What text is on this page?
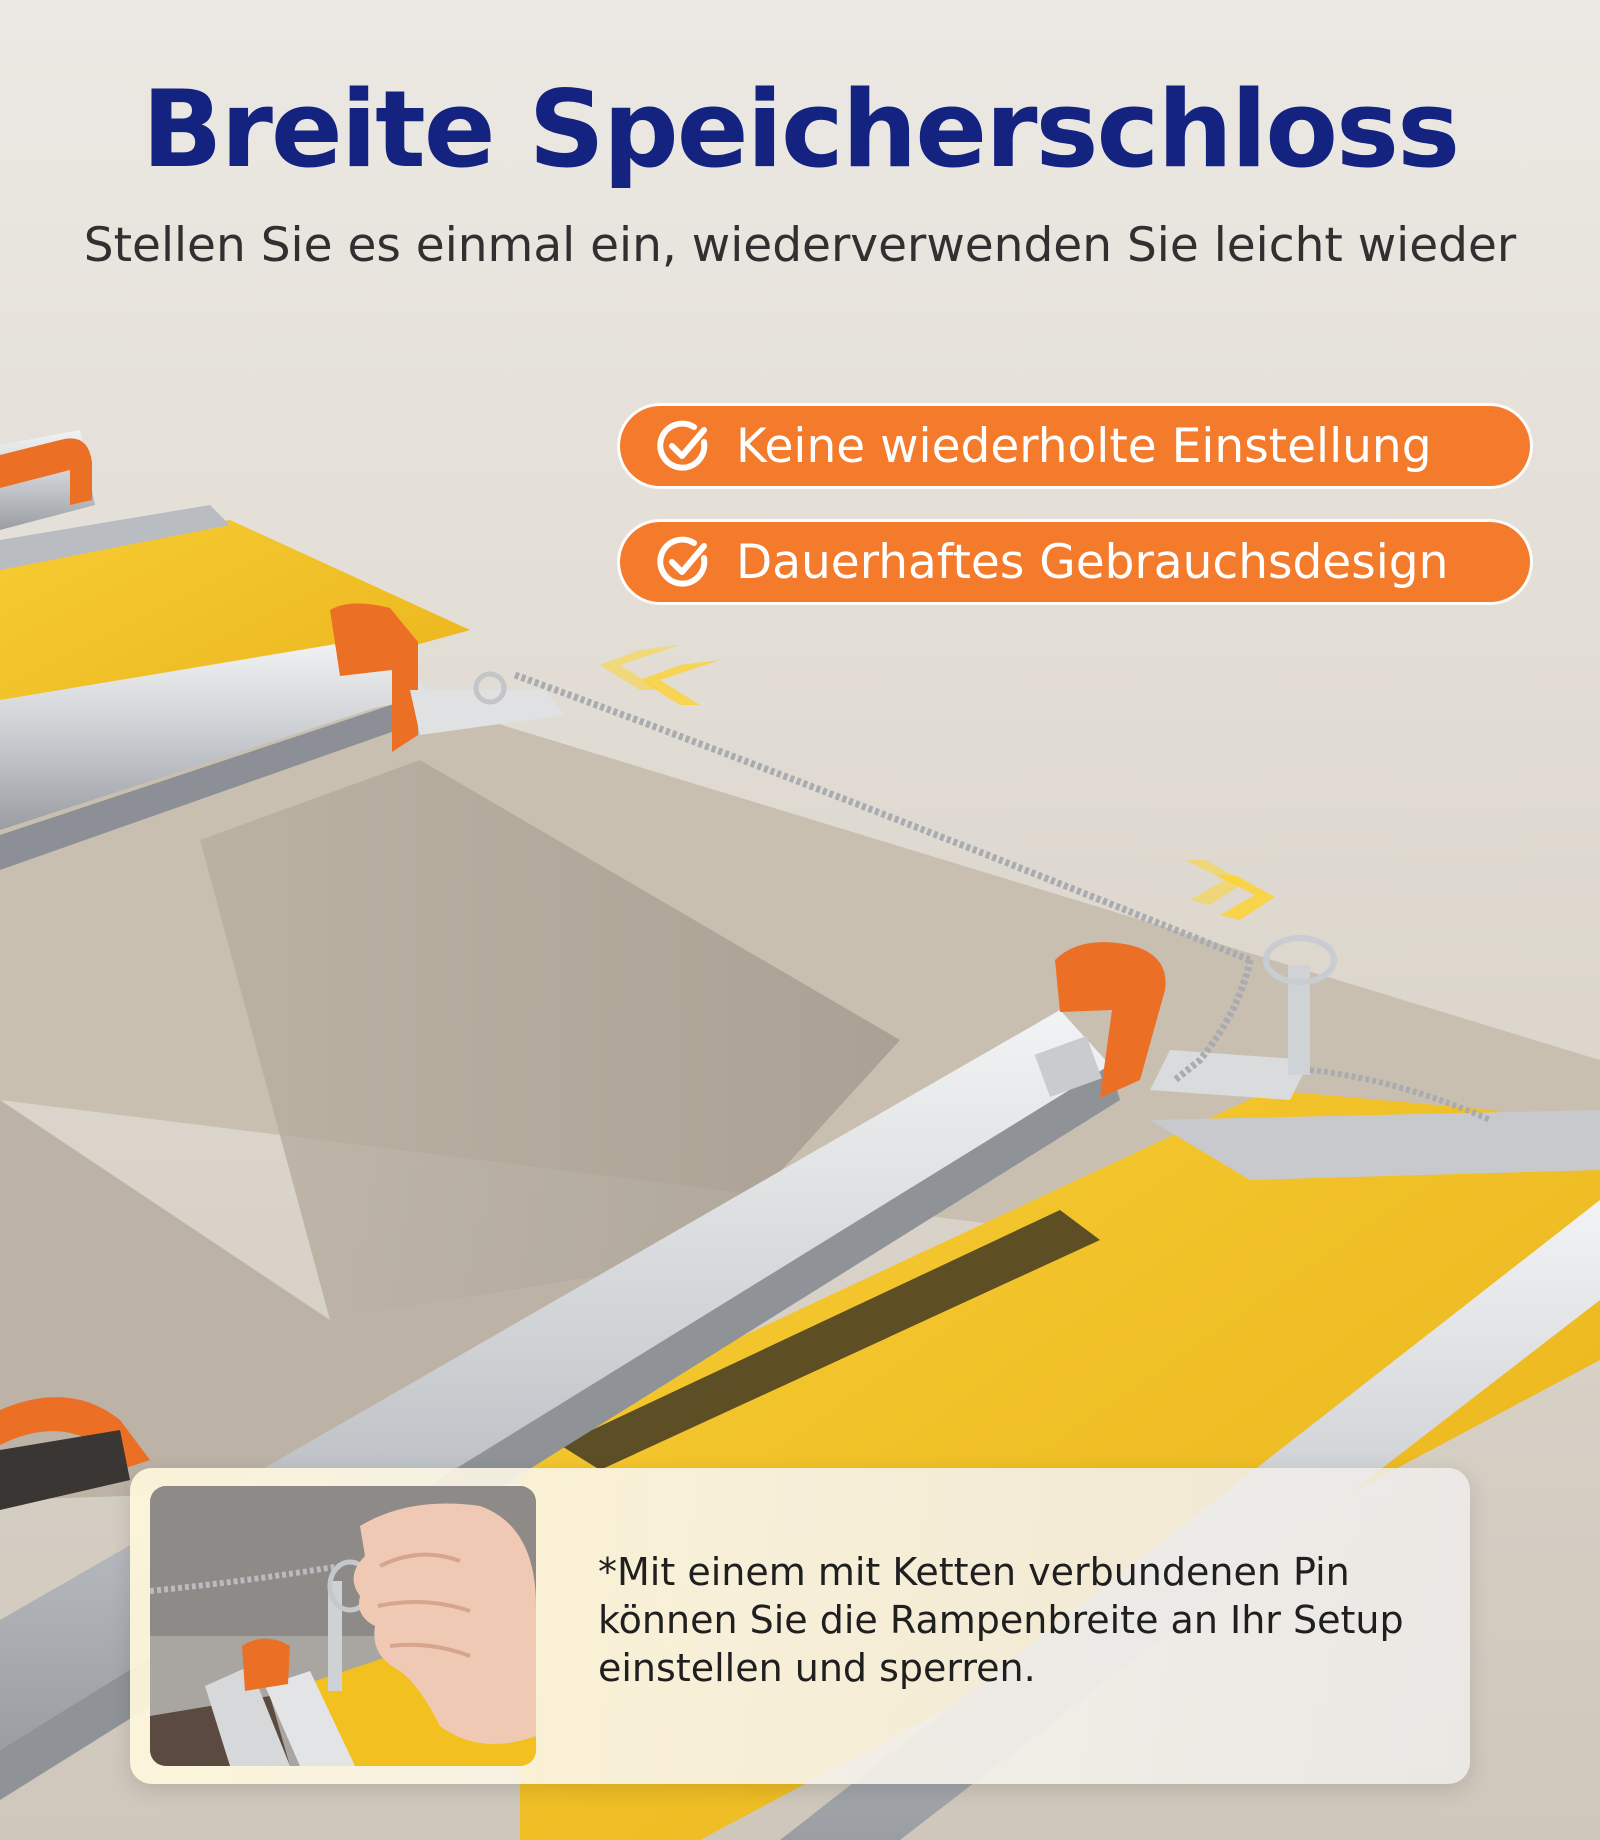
Breite Speicherschloss

Stellen Sie es einmal ein, wiederverwenden Sie leicht wieder

Keine wiederholte Einstellung
Dauerhaftes Gebrauchsdesign

*Mit einem mit Ketten verbundenen Pin können Sie die Rampenbreite an Ihr Setup einstellen und sperren.
